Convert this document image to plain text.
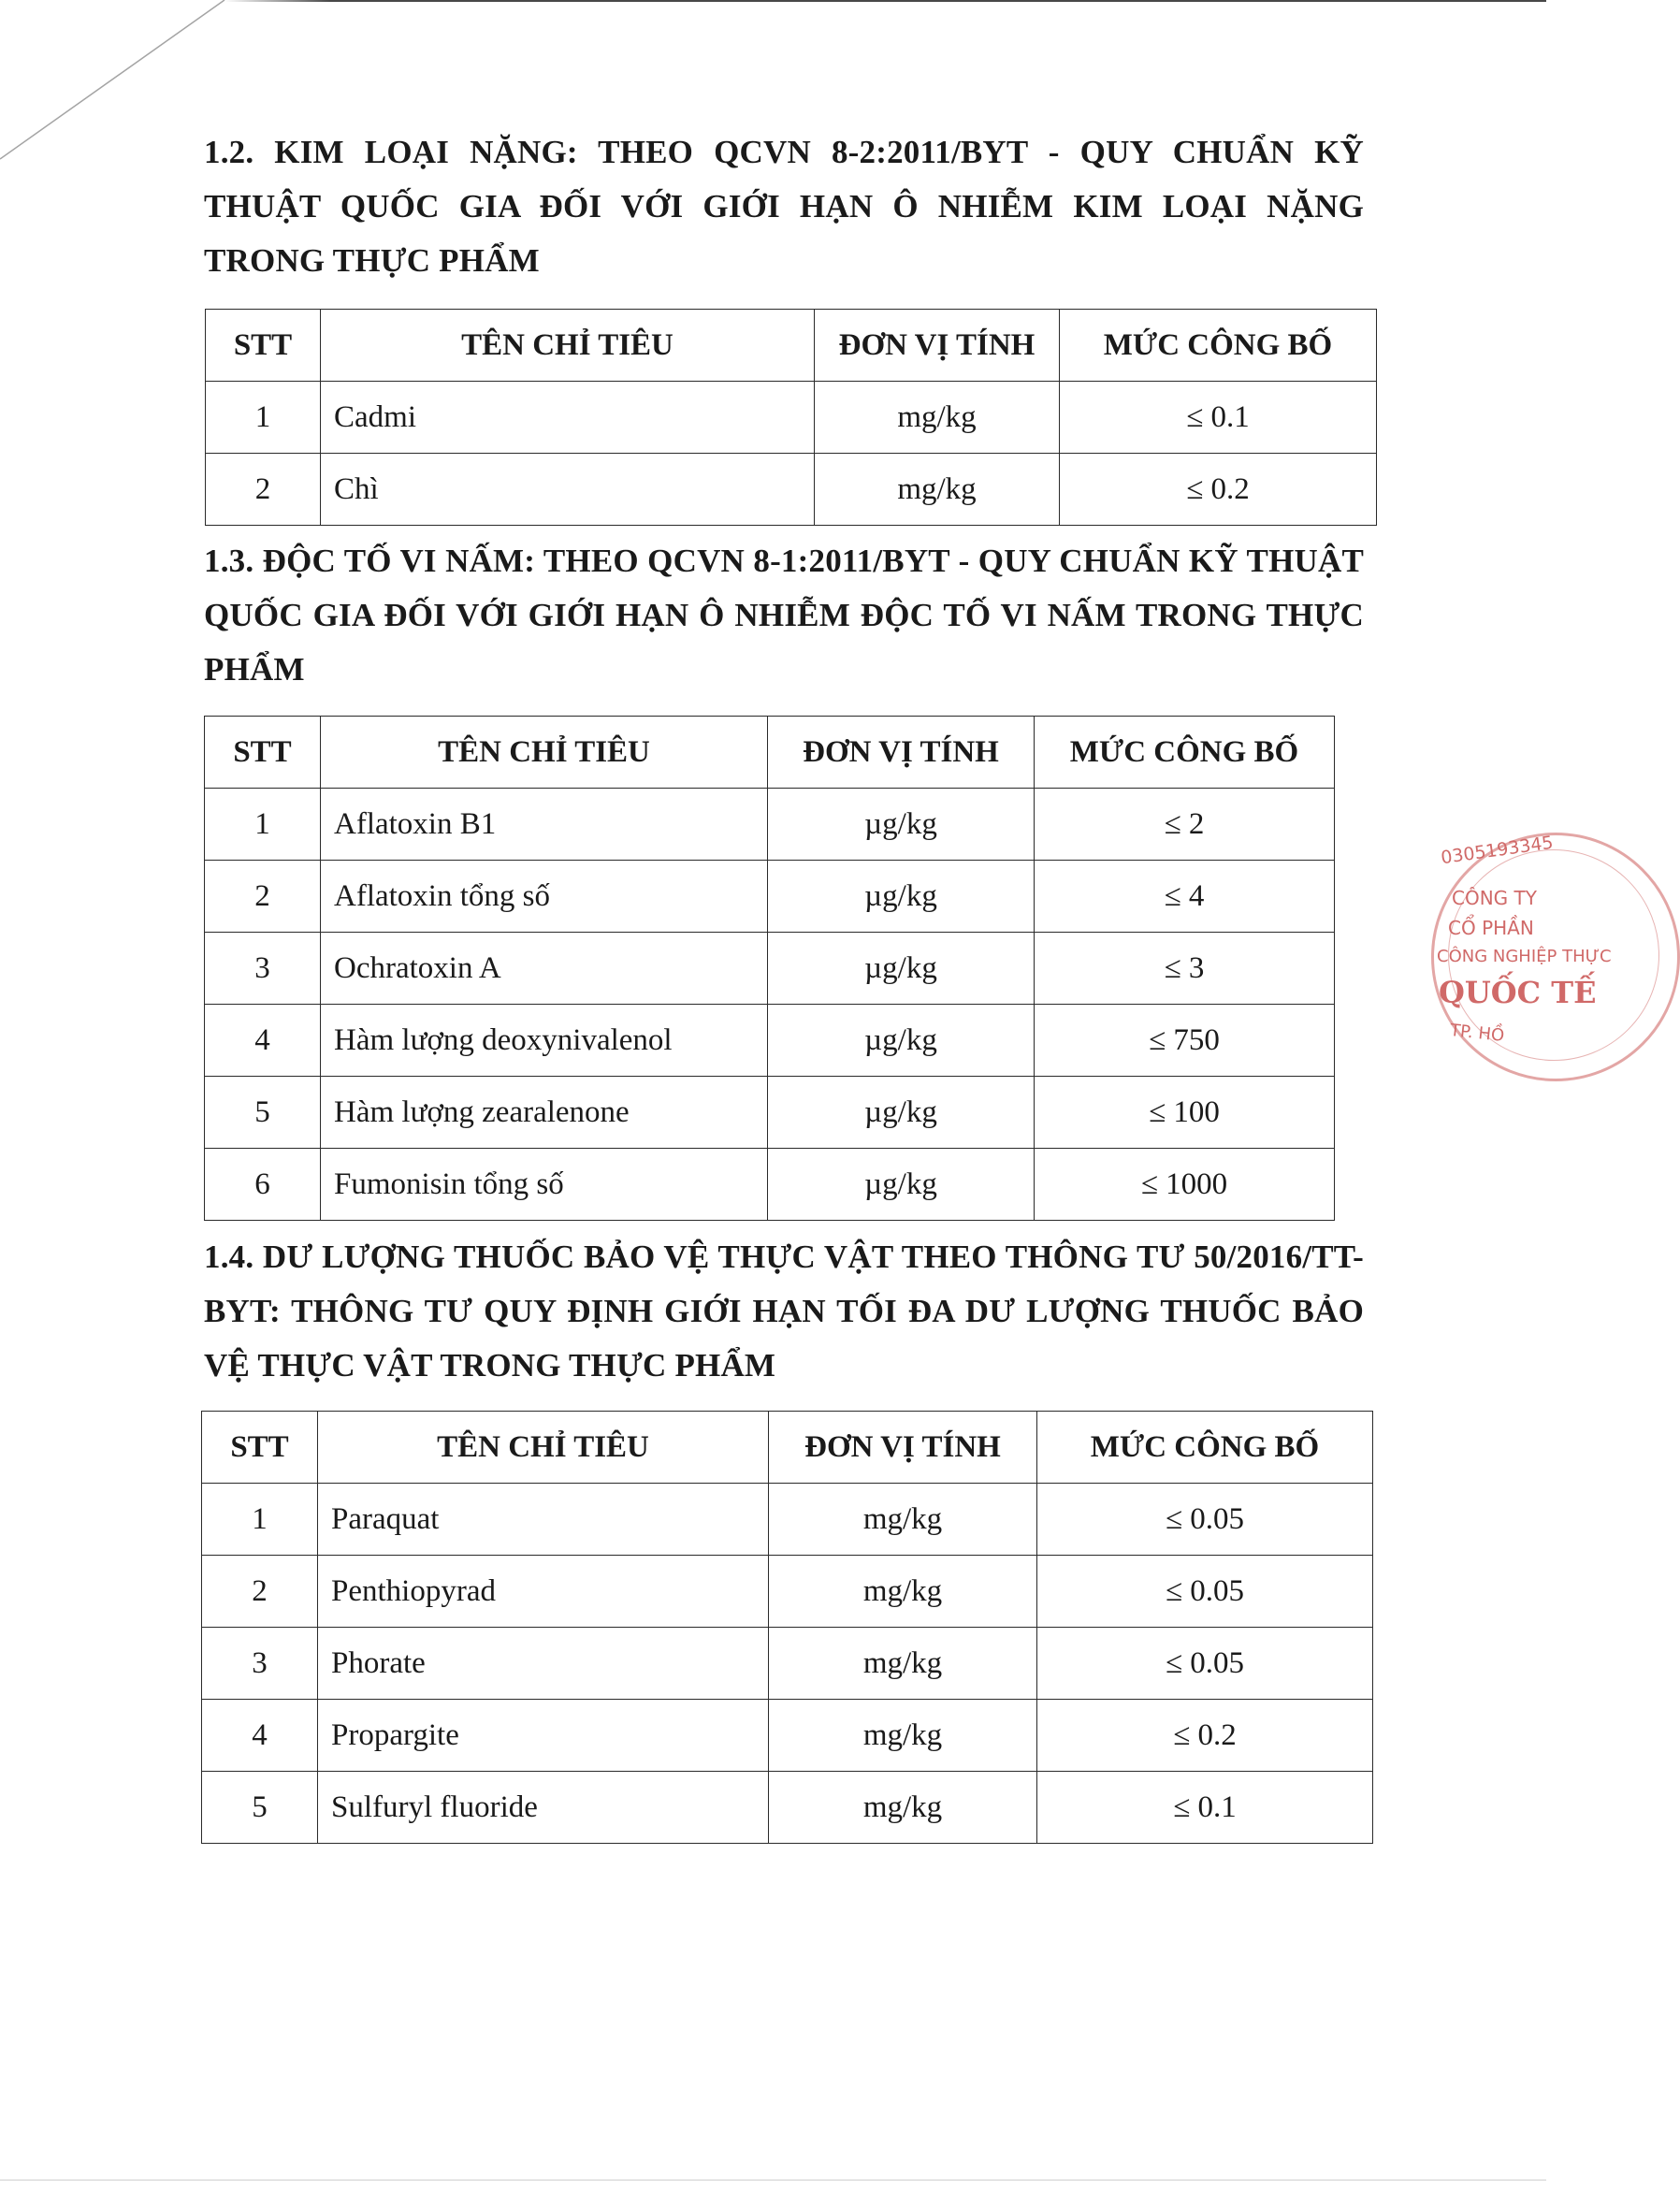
1.2. KIM LOẠI NẶNG: THEO QCVN 8-2:2011/BYT - QUY CHUẨN KỸ THUẬT QUỐC GIA ĐỐI VỚI GIỚI HẠN Ô NHIỄM KIM LOẠI NẶNG TRONG THỰC PHẨM
STT	TÊN CHỈ TIÊU	ĐƠN VỊ TÍNH	MỨC CÔNG BỐ
1	Cadmi	mg/kg	≤ 0.1
2	Chì	mg/kg	≤ 0.2
1.3. ĐỘC TỐ VI NẤM: THEO QCVN 8-1:2011/BYT - QUY CHUẨN KỸ THUẬT QUỐC GIA ĐỐI VỚI GIỚI HẠN Ô NHIỄM ĐỘC TỐ VI NẤM TRONG THỰC PHẨM
STT	TÊN CHỈ TIÊU	ĐƠN VỊ TÍNH	MỨC CÔNG BỐ
1	Aflatoxin B1	µg/kg	≤ 2
2	Aflatoxin tổng số	µg/kg	≤ 4
3	Ochratoxin A	µg/kg	≤ 3
4	Hàm lượng deoxynivalenol	µg/kg	≤ 750
5	Hàm lượng zearalenone	µg/kg	≤ 100
6	Fumonisin tổng số	µg/kg	≤ 1000
1.4. DƯ LƯỢNG THUỐC BẢO VỆ THỰC VẬT THEO THÔNG TƯ 50/2016/TT-BYT: THÔNG TƯ QUY ĐỊNH GIỚI HẠN TỐI ĐA DƯ LƯỢNG THUỐC BẢO VỆ THỰC VẬT TRONG THỰC PHẨM
STT	TÊN CHỈ TIÊU	ĐƠN VỊ TÍNH	MỨC CÔNG BỐ
1	Paraquat	mg/kg	≤ 0.05
2	Penthiopyrad	mg/kg	≤ 0.05
3	Phorate	mg/kg	≤ 0.05
4	Propargite	mg/kg	≤ 0.2
5	Sulfuryl fluoride	mg/kg	≤ 0.1
0305193345
CÔNG TY
CỔ PHẦN
CÔNG NGHIỆP THỰC
QUỐC TẾ
TP. HỒ
